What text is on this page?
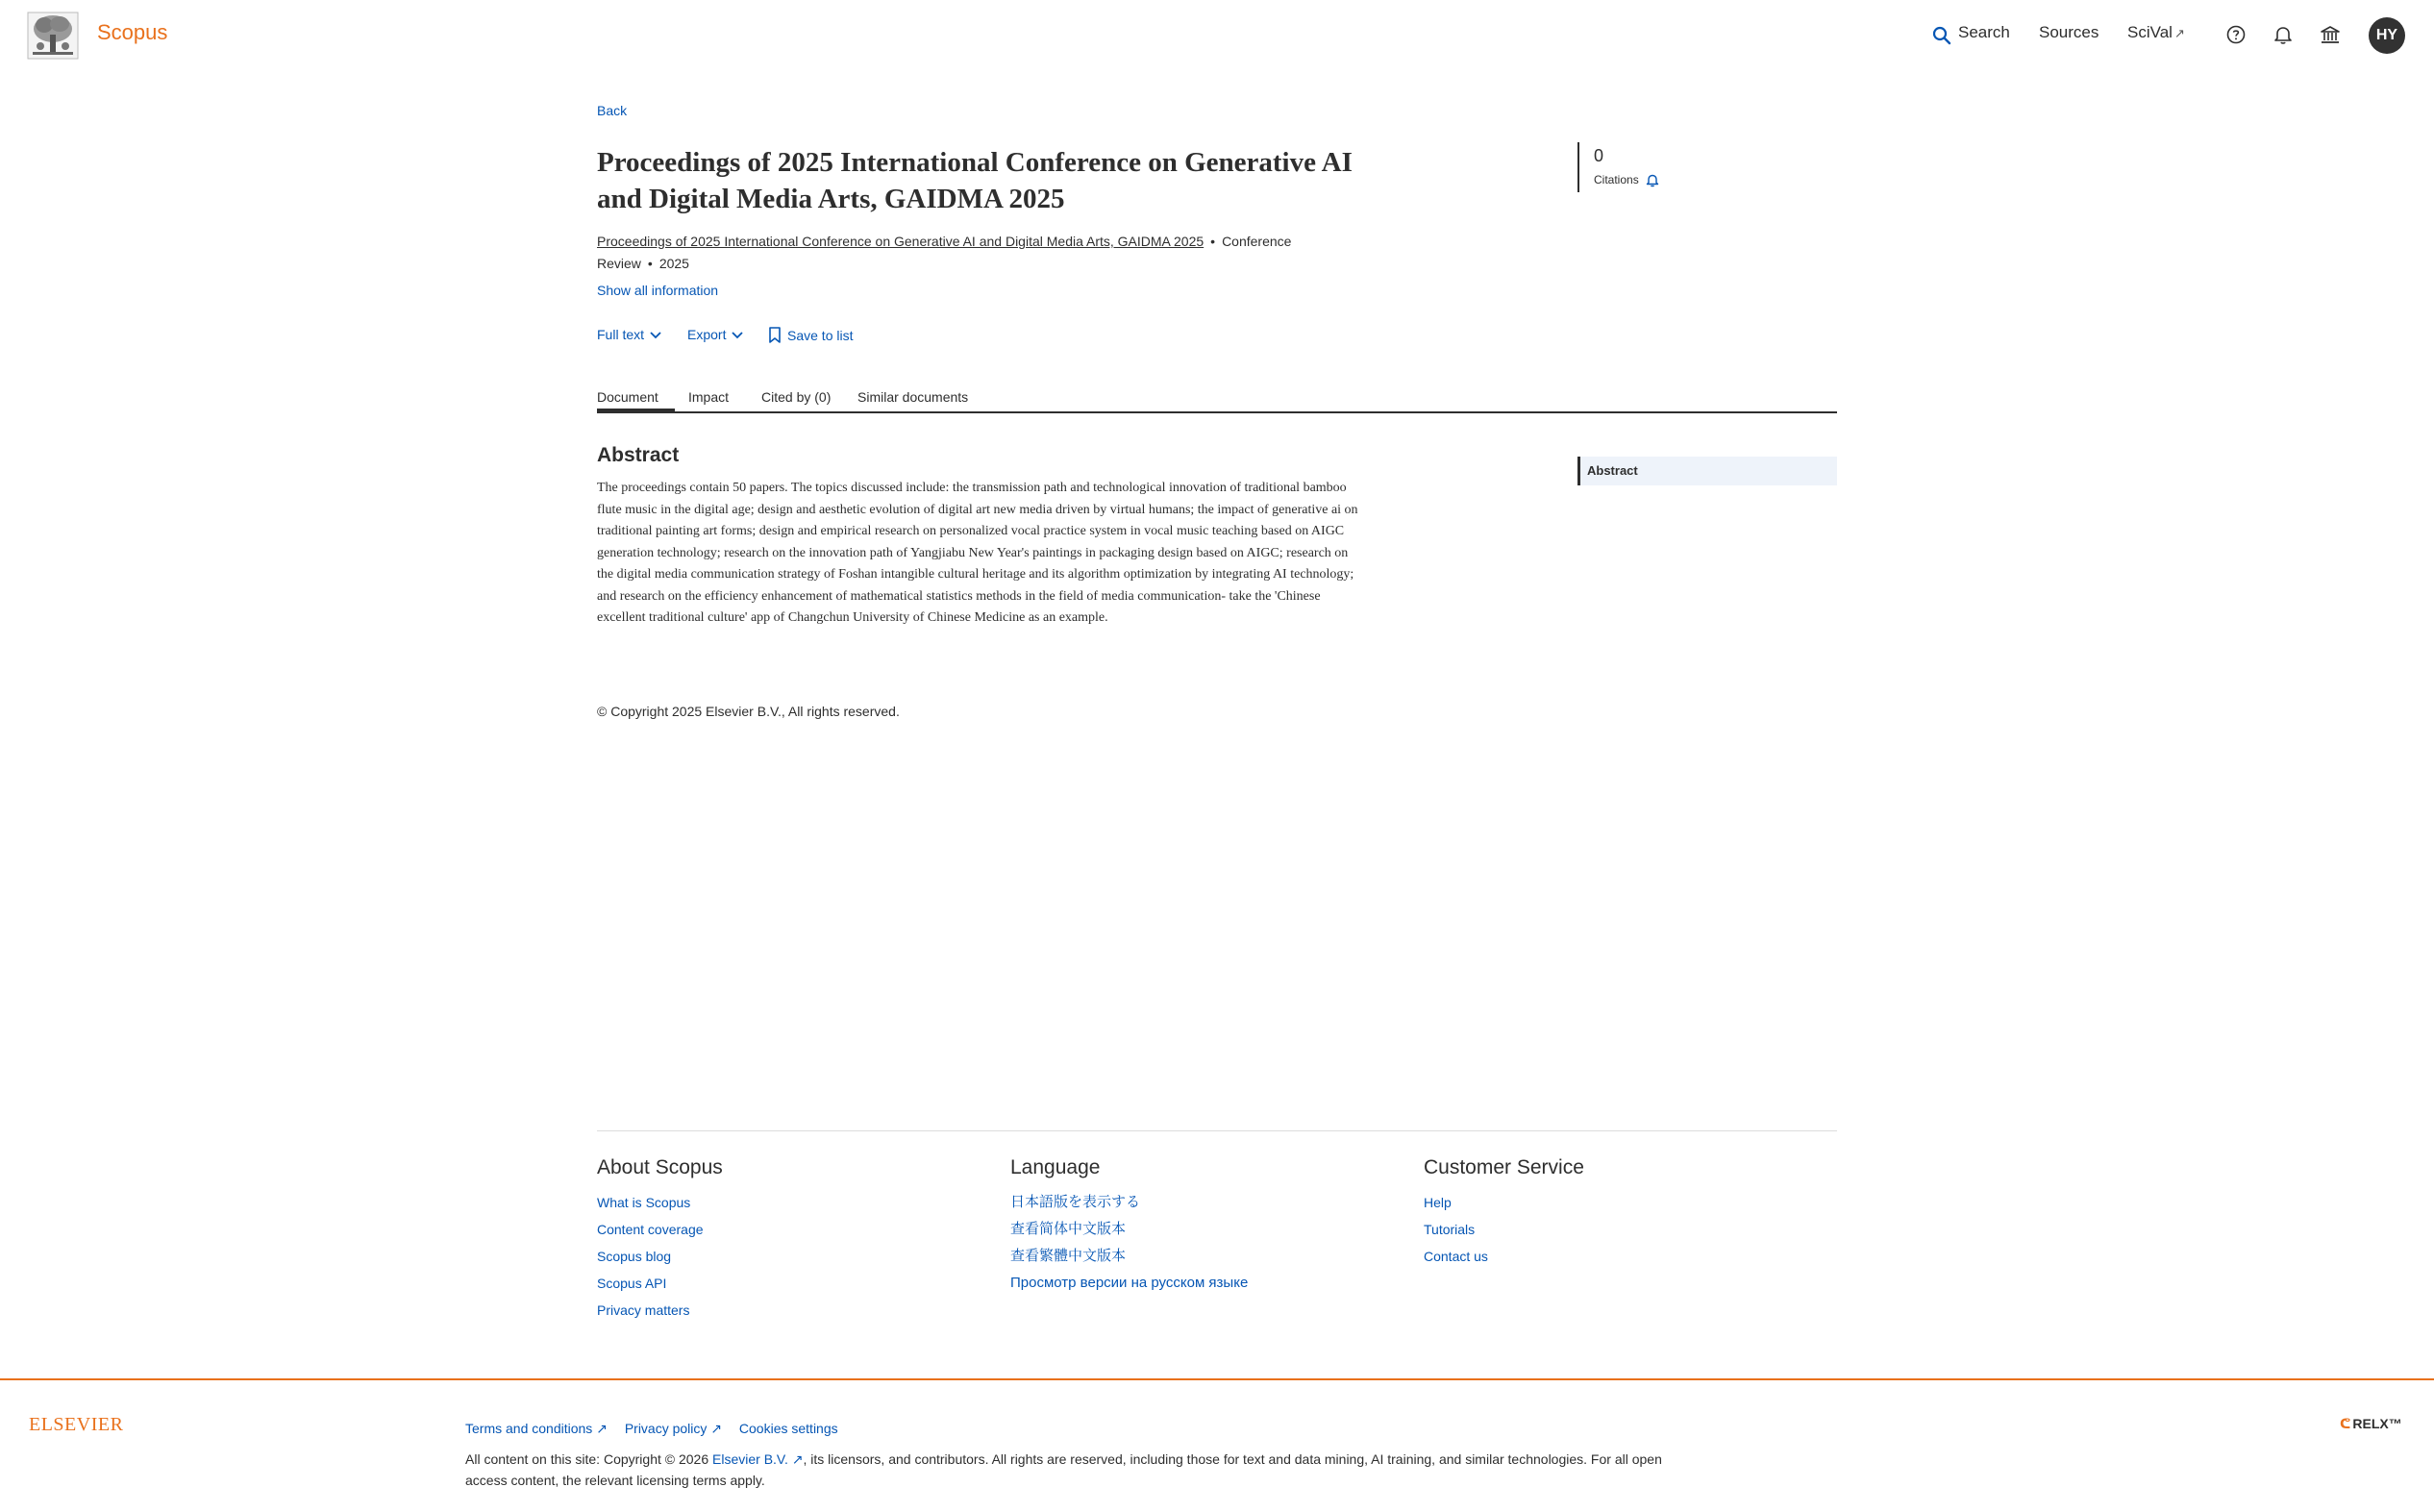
Scopus	Search Sources SciVal ↗	HY
Back
Proceedings of 2025 International Conference on Generative AI and Digital Media Arts, GAIDMA 2025
Proceedings of 2025 International Conference on Generative AI and Digital Media Arts, GAIDMA 2025 • Conference Review • 2025
Show all information
Full text	Export	Save to list
Document Impact Cited by (0) Similar documents
Abstract

The proceedings contain 50 papers. The topics discussed include: the transmission path and technological innovation of traditional bamboo flute music in the digital age; design and aesthetic evolution of digital art new media driven by virtual humans; the impact of generative ai on traditional painting art forms; design and empirical research on personalized vocal practice system in vocal music teaching based on AIGC generation technology; research on the innovation path of Yangjiabu New Year's paintings in packaging design based on AIGC; research on the digital media communication strategy of Foshan intangible cultural heritage and its algorithm optimization by integrating AI technology; and research on the efficiency enhancement of mathematical statistics methods in the field of media communication- take the 'Chinese excellent traditional culture' app of Changchun University of Chinese Medicine as an example.

© Copyright 2025 Elsevier B.V., All rights reserved.

0
Citations
Abstract
About Scopus
What is Scopus
Content coverage
Scopus blog
Scopus API
Privacy matters
Language
日本語版を表示する
查看简体中文版本
查看繁體中文版本
Просмотр версии на русском языке
Customer Service
Help
Tutorials
Contact us
ELSEVIER	Terms and conditions ↗ Privacy policy ↗ Cookies settings

All content on this site: Copyright © 2026 Elsevier B.V. ↗, its licensors, and contributors. All rights are reserved, including those for text and data mining, AI training, and similar technologies. For all open access content, the relevant licensing terms apply.

ᕦ RELX™
